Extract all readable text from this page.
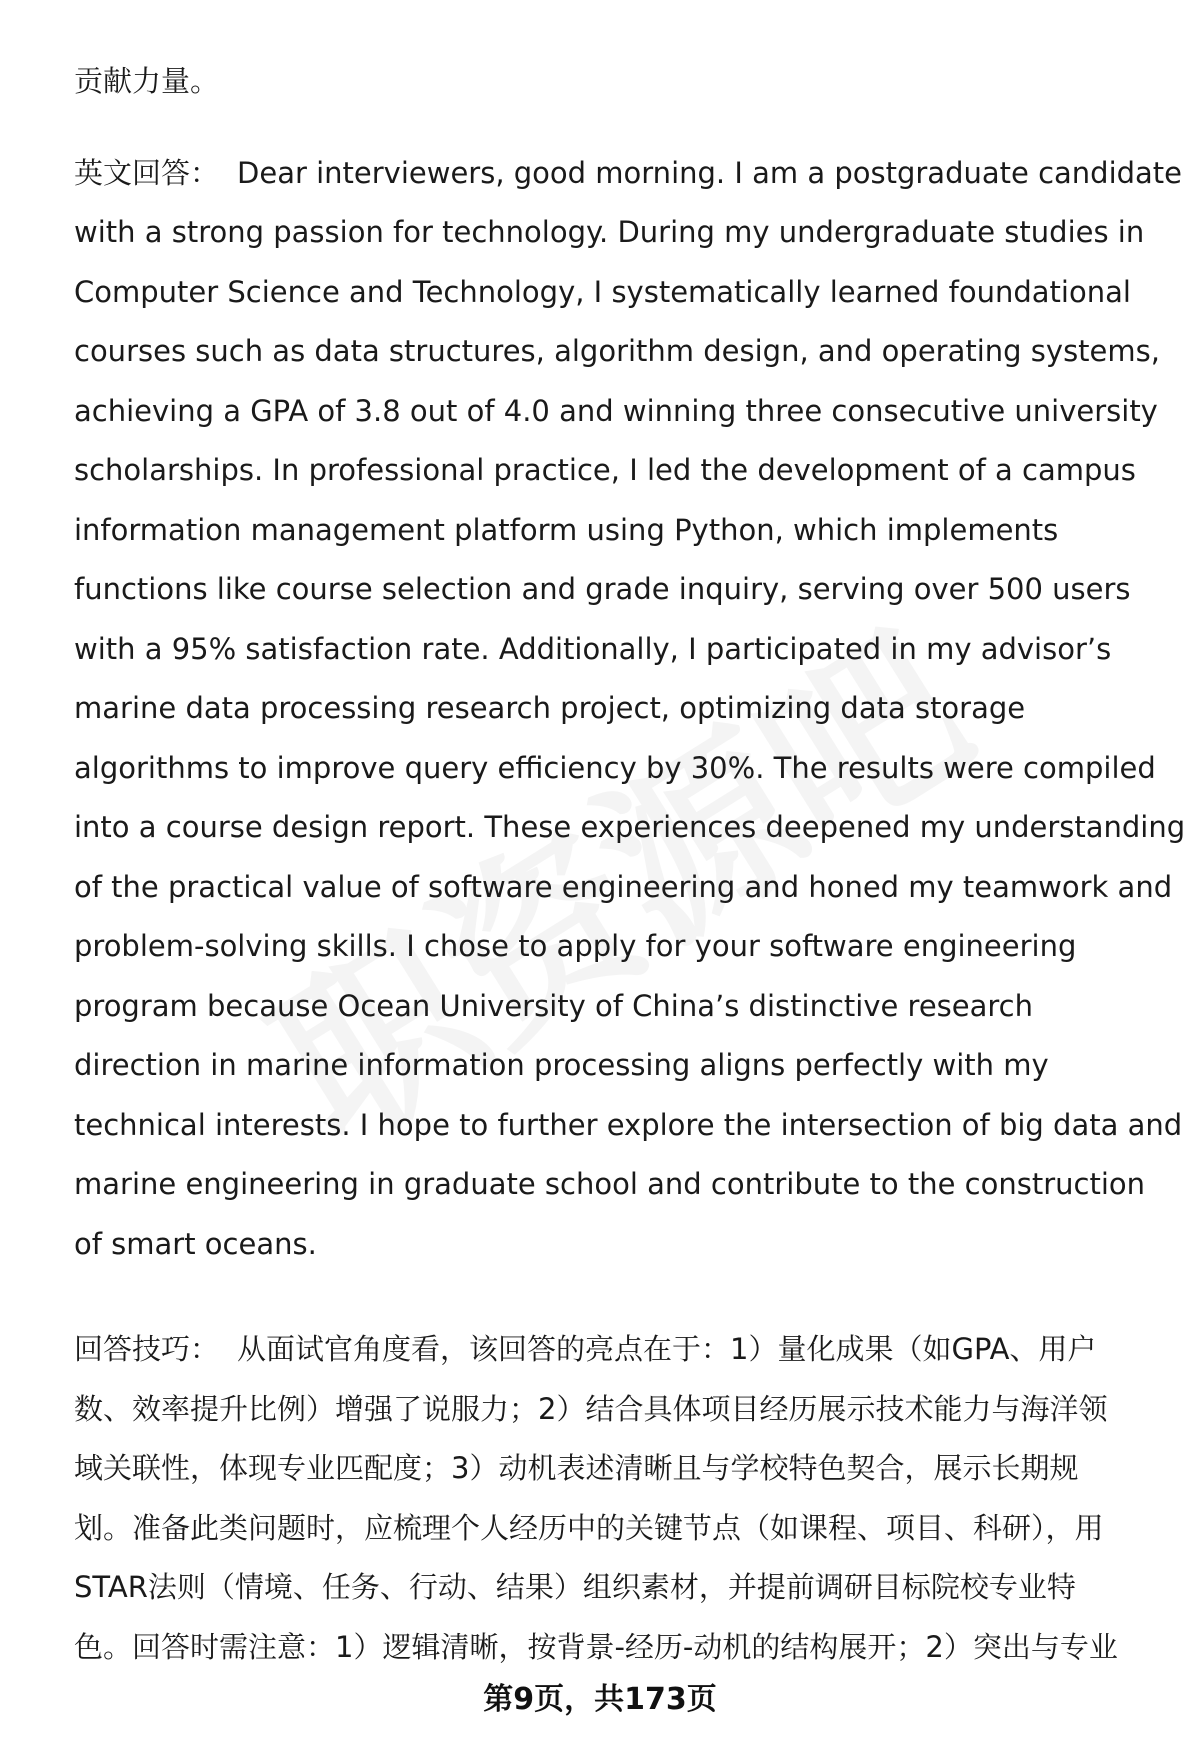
贡献力量。
英文回答： Dear interviewers, good morning. I am a postgraduate candidate
with a strong passion for technology. During my undergraduate studies in
Computer Science and Technology, I systematically learned foundational
courses such as data structures, algorithm design, and operating systems,
achieving a GPA of 3.8 out of 4.0 and winning three consecutive university
scholarships. In professional practice, I led the development of a campus
information management platform using Python, which implements
functions like course selection and grade inquiry, serving over 500 users
with a 95% satisfaction rate. Additionally, I participated in my advisor’s
marine data processing research project, optimizing data storage
algorithms to improve query efficiency by 30%. The results were compiled
into a course design report. These experiences deepened my understanding
of the practical value of software engineering and honed my teamwork and
problem-solving skills. I chose to apply for your software engineering
program because Ocean University of China’s distinctive research
direction in marine information processing aligns perfectly with my
technical interests. I hope to further explore the intersection of big data and
marine engineering in graduate school and contribute to the construction
of smart oceans.
回答技巧： 从面试官角度看，该回答的亮点在于：1）量化成果（如GPA、用户
数、效率提升比例）增强了说服力；2）结合具体项目经历展示技术能力与海洋领
域关联性，体现专业匹配度；3）动机表述清晰且与学校特色契合，展示长期规
划。准备此类问题时，应梳理个人经历中的关键节点（如课程、项目、科研），用
STAR法则（情境、任务、行动、结果）组织素材，并提前调研目标院校专业特
色。回答时需注意：1）逻辑清晰，按背景-经历-动机的结构展开；2）突出与专业
第9页，共173页
